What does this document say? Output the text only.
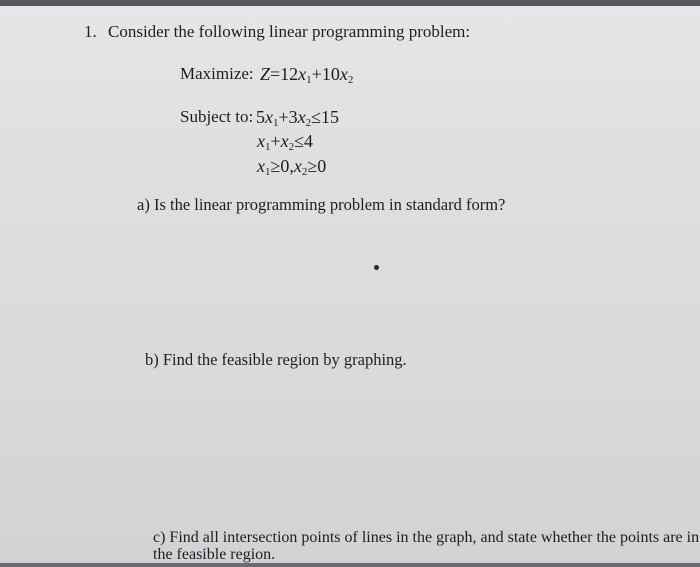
1. Consider the following linear programming problem:
Maximize: $Z=12x_1+10x_2$
Subject to: $5x_1+3x_2\le 15$
$x_1+x_2\le 4$
$x_1\ge 0,x_2\ge 0$
a) Is the linear programming problem in standard form?
b) Find the feasible region by graphing.
c) Find all intersection points of lines in the graph, and state whether the points are in
the feasible region.
